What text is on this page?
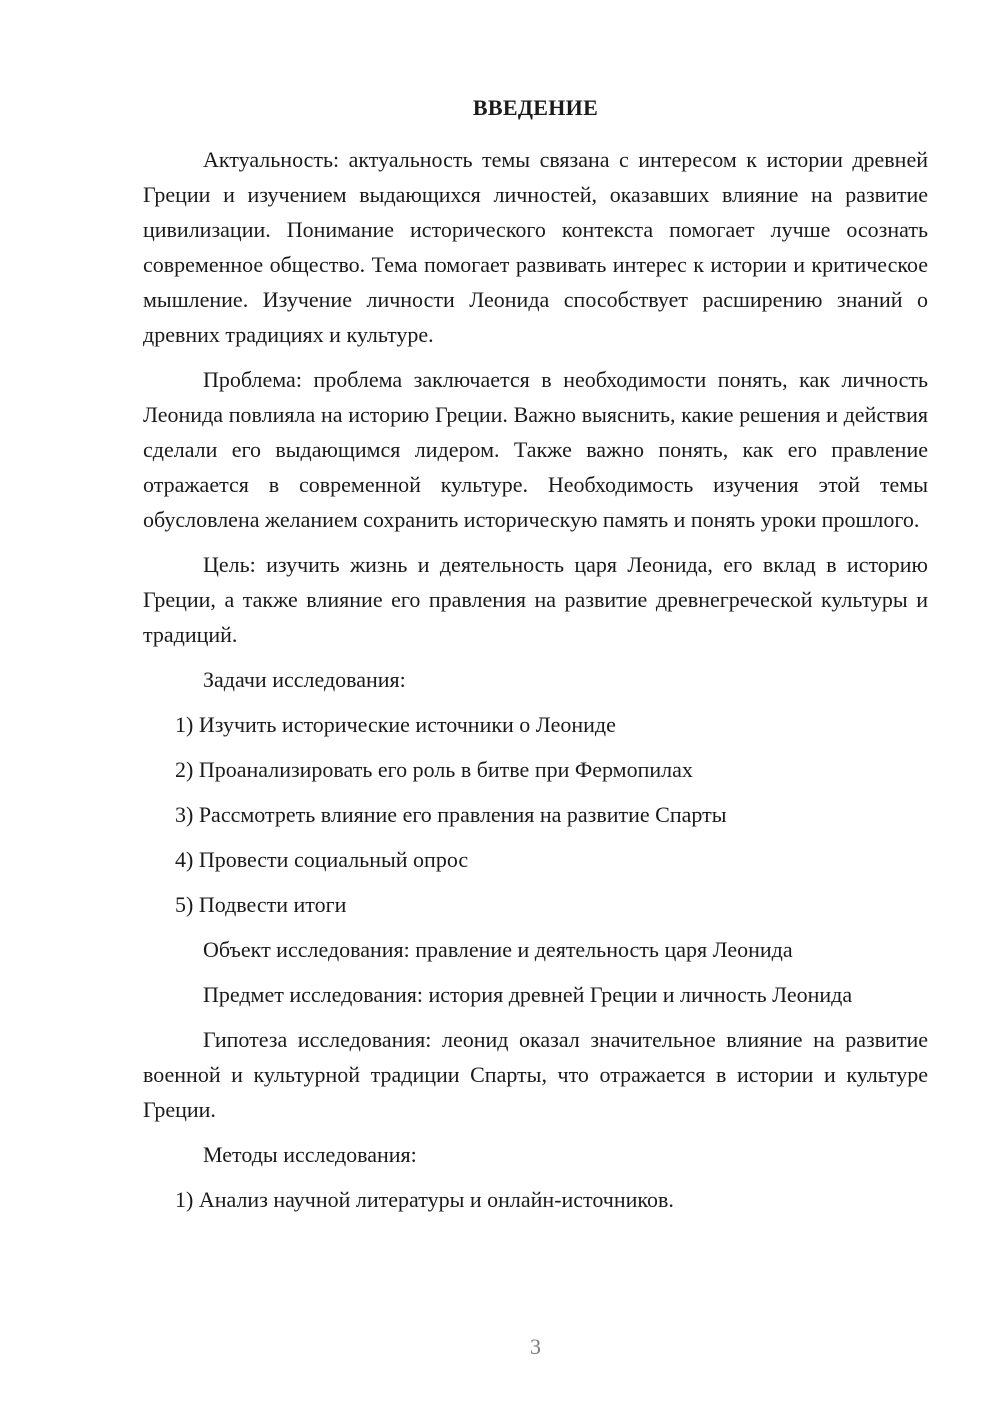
ВВЕДЕНИЕ

Актуальность: актуальность темы связана с интересом к истории древней Греции и изучением выдающихся личностей, оказавших влияние на развитие цивилизации. Понимание исторического контекста помогает лучше осознать современное общество. Тема помогает развивать интерес к истории и критическое мышление. Изучение личности Леонида способствует расширению знаний о древних традициях и культуре.

Проблема: проблема заключается в необходимости понять, как личность Леонида повлияла на историю Греции. Важно выяснить, какие решения и действия сделали его выдающимся лидером. Также важно понять, как его правление отражается в современной культуре. Необходимость изучения этой темы обусловлена желанием сохранить историческую память и понять уроки прошлого.

Цель: изучить жизнь и деятельность царя Леонида, его вклад в историю Греции, а также влияние его правления на развитие древнегреческой культуры и традиций.

Задачи исследования:
1) Изучить исторические источники о Леониде
2) Проанализировать его роль в битве при Фермопилах
3) Рассмотреть влияние его правления на развитие Спарты
4) Провести социальный опрос
5) Подвести итоги
Объект исследования: правление и деятельность царя Леонида

Предмет исследования: история древней Греции и личность Леонида

Гипотеза исследования: леонид оказал значительное влияние на развитие военной и культурной традиции Спарты, что отражается в истории и культуре Греции.

Методы исследования:
1) Анализ научной литературы и онлайн-источников.

3
